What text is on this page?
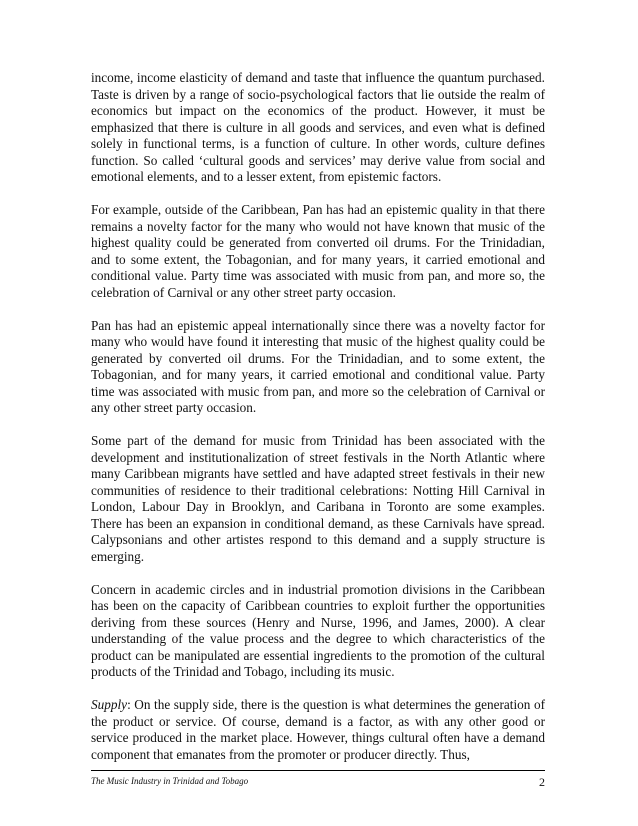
income, income elasticity of demand and taste that influence the quantum purchased. Taste is driven by a range of socio-psychological factors that lie outside the realm of economics but impact on the economics of the product. However, it must be emphasized that there is culture in all goods and services, and even what is defined solely in functional terms, is a function of culture. In other words, culture defines function. So called ‘cultural goods and services’ may derive value from social and emotional elements, and to a lesser extent, from epistemic factors.

For example, outside of the Caribbean, Pan has had an epistemic quality in that there remains a novelty factor for the many who would not have known that music of the highest quality could be generated from converted oil drums. For the Trinidadian, and to some extent, the Tobagonian, and for many years, it carried emotional and conditional value. Party time was associated with music from pan, and more so, the celebration of Carnival or any other street party occasion.

Pan has had an epistemic appeal internationally since there was a novelty factor for many who would have found it interesting that music of the highest quality could be generated by converted oil drums. For the Trinidadian, and to some extent, the Tobagonian, and for many years, it carried emotional and conditional value. Party time was associated with music from pan, and more so the celebration of Carnival or any other street party occasion.

Some part of the demand for music from Trinidad has been associated with the development and institutionalization of street festivals in the North Atlantic where many Caribbean migrants have settled and have adapted street festivals in their new communities of residence to their traditional celebrations: Notting Hill Carnival in London, Labour Day in Brooklyn, and Caribana in Toronto are some examples. There has been an expansion in conditional demand, as these Carnivals have spread. Calypsonians and other artistes respond to this demand and a supply structure is emerging.

Concern in academic circles and in industrial promotion divisions in the Caribbean has been on the capacity of Caribbean countries to exploit further the opportunities deriving from these sources (Henry and Nurse, 1996, and James, 2000). A clear understanding of the value process and the degree to which characteristics of the product can be manipulated are essential ingredients to the promotion of the cultural products of the Trinidad and Tobago, including its music.

Supply: On the supply side, there is the question is what determines the generation of the product or service. Of course, demand is a factor, as with any other good or service produced in the market place. However, things cultural often have a demand component that emanates from the promoter or producer directly. Thus,

The Music Industry in Trinidad and Tobago	2
